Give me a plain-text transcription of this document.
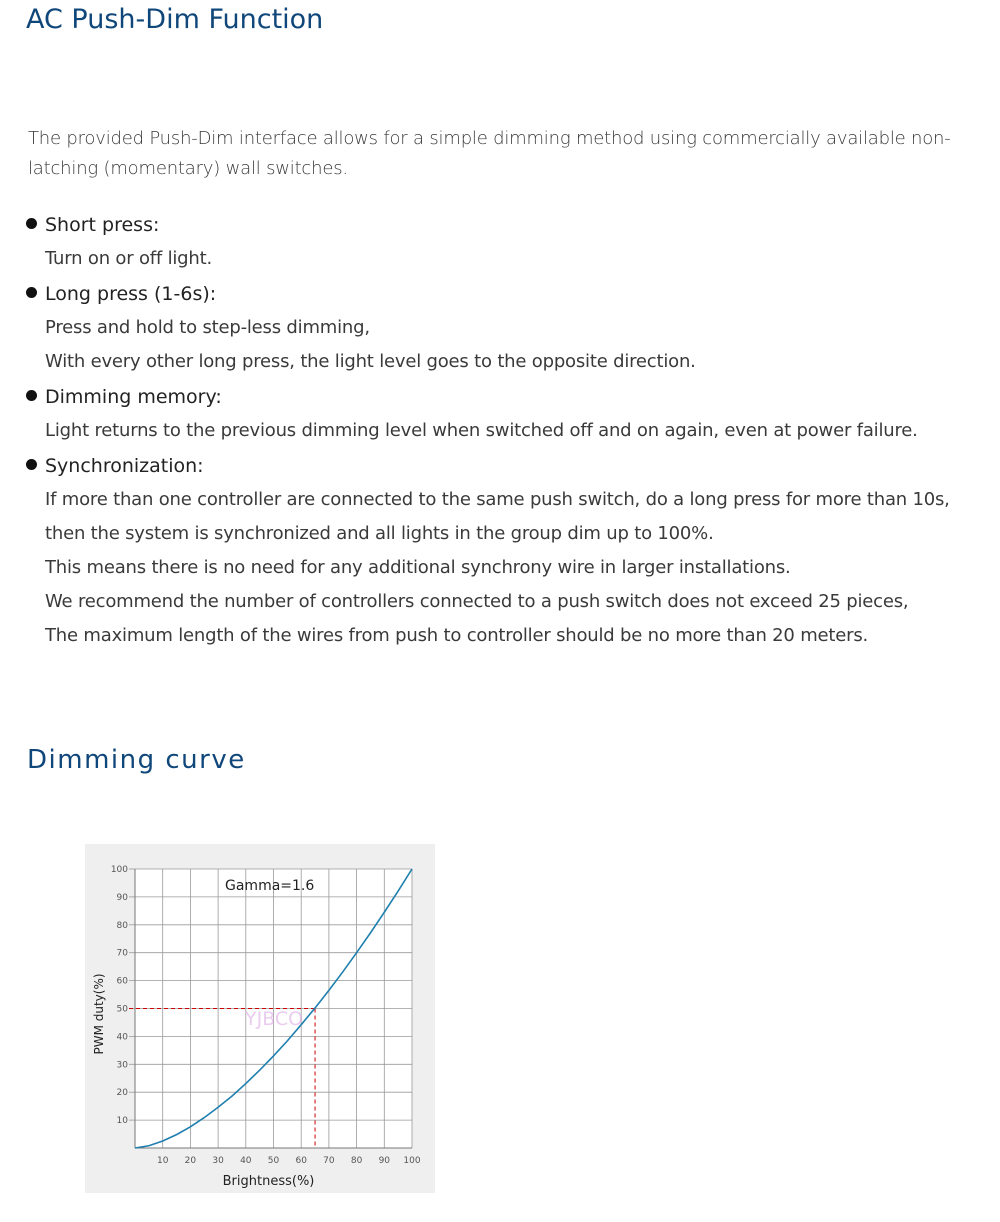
AC Push-Dim Function

The provided Push-Dim interface allows for a simple dimming method using commercially available non-latching (momentary) wall switches.

Short press:
Turn on or off light.
Long press (1-6s):
Press and hold to step-less dimming,
With every other long press, the light level goes to the opposite direction.
Dimming memory:
Light returns to the previous dimming level when switched off and on again, even at power failure.
Synchronization:
If more than one controller are connected to the same push switch, do a long press for more than 10s,
then the system is synchronized and all lights in the group dim up to 100%.
This means there is no need for any additional synchrony wire in larger installations.
We recommend the number of controllers connected to a push switch does not exceed 25 pieces,
The maximum length of the wires from push to controller should be no more than 20 meters.
Dimming curve
10 20 30 40 50 60 70 80 90 100
10
20
30
40
50
60
70
80
90
100
YJBCO
Gamma=1.6
Brightness(%)
PWM duty(%)
